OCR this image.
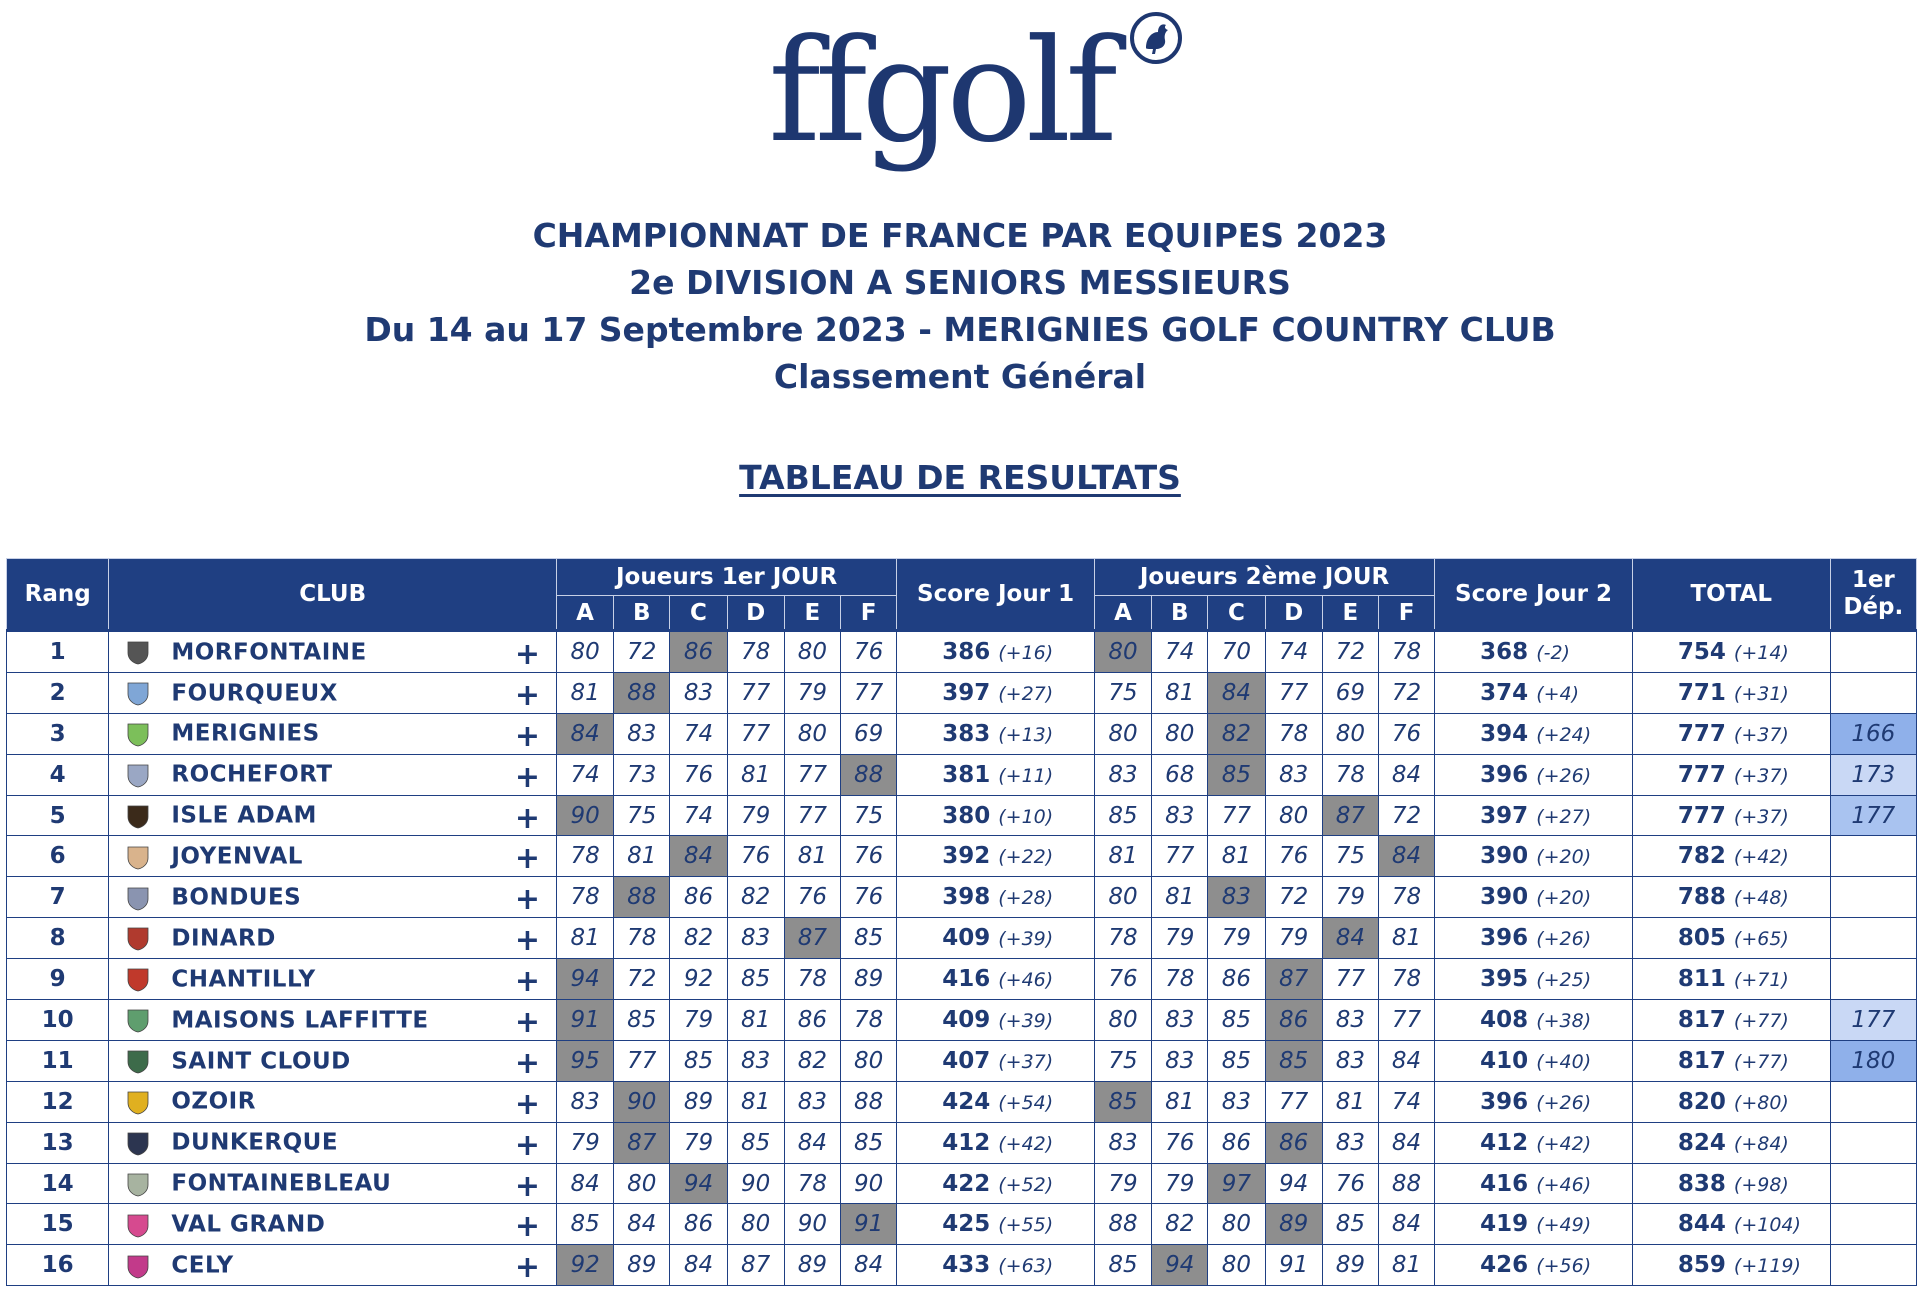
ffgolf
CHAMPIONNAT DE FRANCE PAR EQUIPES 2023
2e DIVISION A SENIORS MESSIEURS
Du 14 au 17 Septembre 2023 - MERIGNIES GOLF COUNTRY CLUB
Classement Général
TABLEAU DE RESULTATS
Rang	CLUB	Joueurs 1er JOUR						Score Jour 1	Joueurs 2ème JOUR						Score Jour 2	TOTAL	1er
Dép.

		A	B	C	D	E	F		A	B	C	D	E	F			
1	MORFONTAINE +	80	72	86	78	80	76	386 (+16)	80	74	70	74	72	78	368 (-2)	754 (+14)	
2	FOURQUEUX +	81	88	83	77	79	77	397 (+27)	75	81	84	77	69	72	374 (+4)	771 (+31)	
3	MERIGNIES +	84	83	74	77	80	69	383 (+13)	80	80	82	78	80	76	394 (+24)	777 (+37)	166
4	ROCHEFORT +	74	73	76	81	77	88	381 (+11)	83	68	85	83	78	84	396 (+26)	777 (+37)	173
5	ISLE ADAM +	90	75	74	79	77	75	380 (+10)	85	83	77	80	87	72	397 (+27)	777 (+37)	177
6	JOYENVAL +	78	81	84	76	81	76	392 (+22)	81	77	81	76	75	84	390 (+20)	782 (+42)	
7	BONDUES +	78	88	86	82	76	76	398 (+28)	80	81	83	72	79	78	390 (+20)	788 (+48)	
8	DINARD +	81	78	82	83	87	85	409 (+39)	78	79	79	79	84	81	396 (+26)	805 (+65)	
9	CHANTILLY +	94	72	92	85	78	89	416 (+46)	76	78	86	87	77	78	395 (+25)	811 (+71)	
10	MAISONS LAFFITTE +	91	85	79	81	86	78	409 (+39)	80	83	85	86	83	77	408 (+38)	817 (+77)	177
11	SAINT CLOUD +	95	77	85	83	82	80	407 (+37)	75	83	85	85	83	84	410 (+40)	817 (+77)	180
12	OZOIR +	83	90	89	81	83	88	424 (+54)	85	81	83	77	81	74	396 (+26)	820 (+80)	
13	DUNKERQUE +	79	87	79	85	84	85	412 (+42)	83	76	86	86	83	84	412 (+42)	824 (+84)	
14	FONTAINEBLEAU +	84	80	94	90	78	90	422 (+52)	79	79	97	94	76	88	416 (+46)	838 (+98)	
15	VAL GRAND +	85	84	86	80	90	91	425 (+55)	88	82	80	89	85	84	419 (+49)	844 (+104)	
16	CELY +	92	89	84	87	89	84	433 (+63)	85	94	80	91	89	81	426 (+56)	859 (+119)	
